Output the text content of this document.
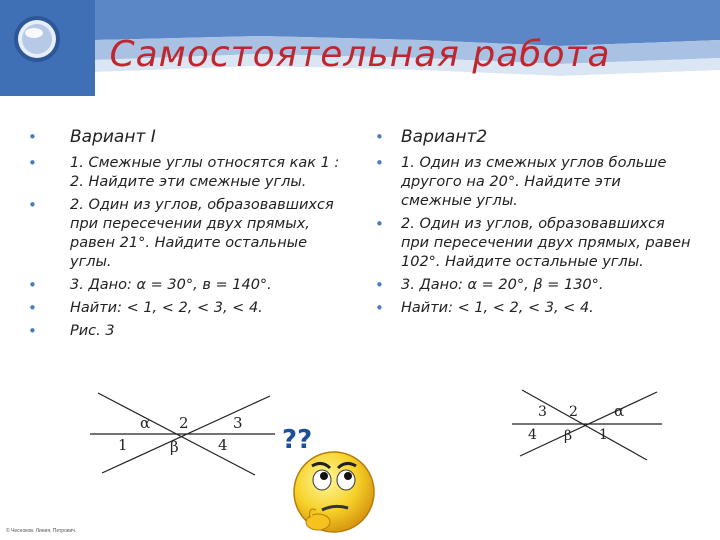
Самостоятельная работа
• Вариант I
• 1. Смежные углы относятся как 1 : 2. Найдите эти смежные углы.
• 2. Один из углов, образовавшихся при пересечении двух прямых, равен 21°. Найдите остальные углы.
• 3. Дано: α = 30°, в = 140°.
• Найти: < 1, < 2, < 3, < 4.
• Рис. 3
• Вариант2
• 1. Один из смежных углов больше другого на 20°. Найдите эти смежные углы.
• 2. Один из углов, образовавшихся при пересечении двух прямых, равен 102°. Найдите остальные углы.
• 3. Дано: α = 20°, β = 130°.
• Найти: < 1, < 2, < 3, < 4.
α 2	3
1	β	4
3 2 α
4 β 1
??
© Чесноков. Линия. Петрович.
